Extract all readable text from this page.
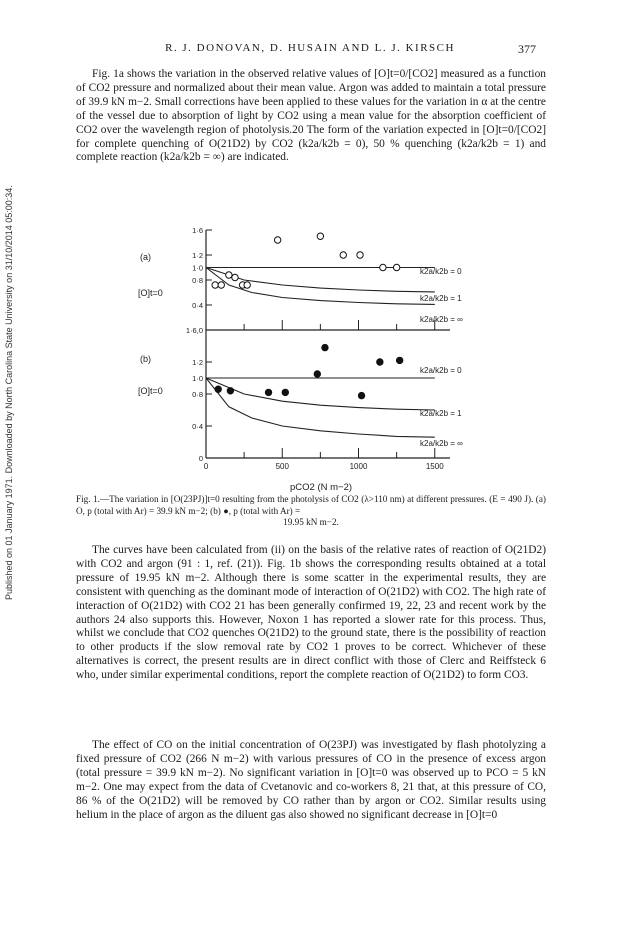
Published on 01 January 1971. Downloaded by North Carolina State University on 31/10/2014 05:00:34.
R. J. DONOVAN, D. HUSAIN AND L. J. KIRSCH	377

Fig. 1a shows the variation in the observed relative values of [O]t=0/[CO2] measured as a function of CO2 pressure and normalized about their mean value. Argon was added to maintain a total pressure of 39.9 kN m−2. Small corrections have been applied to these values for the variation in α at the centre of the vessel due to absorption of light by CO2 using a mean value for the absorption coefficient of CO2 over the wavelength region of photolysis.20 The form of the variation expected in [O]t=0/[CO2] for complete quenching of O(21D2) by CO2 (k2a/k2b = 0), 50 % quenching (k2a/k2b = 1) and complete reaction (k2a/k2b = ∞) are indicated.

(a)
[O]t=0
0·4
0·8
1·0
1·2
1·6
k2a/k2b = 0
k2a/k2b = 1
k2a/k2b = ∞
(b)
[O]t=0
0
0·4
0·8
1·0
1·2
1·6,0
0	500	1000	1500
k2a/k2b = 0
k2a/k2b = 1
k2a/k2b = ∞
pCO2 (N m−2)
Fig. 1.—The variation in [O(23PJ)]t=0 resulting from the photolysis of CO2 (λ>110 nm) at different pressures. (E = 490 J). (a) O, p (total with Ar) = 39.9 kN m−2; (b) ●, p (total with Ar) =
19.95 kN m−2.

The curves have been calculated from (ii) on the basis of the relative rates of reaction of O(21D2) with CO2 and argon (91 : 1, ref. (21)). Fig. 1b shows the corresponding results obtained at a total pressure of 19.95 kN m−2. Although there is some scatter in the experimental results, they are consistent with quenching as the dominant mode of interaction of O(21D2) with CO2. The high rate of interaction of O(21D2) with CO2 21 has been generally confirmed 19, 22, 23 and recent work by the authors 24 also supports this. However, Noxon 1 has reported a slower rate for this process. Thus, whilst we conclude that CO2 quenches O(21D2) to the ground state, there is the possibility of reaction to other products if the slow removal rate by CO2 1 proves to be correct. Whichever of these alternatives is correct, the present results are in direct conflict with those of Clerc and Reiffsteck 6 who, under similar experimental conditions, report the complete reaction of O(21D2) to form CO3.

The effect of CO on the initial concentration of O(23PJ) was investigated by flash photolyzing a fixed pressure of CO2 (266 N m−2) with various pressures of CO in the presence of excess argon (total pressure = 39.9 kN m−2). No significant variation in [O]t=0 was observed up to PCO = 5 kN m−2. One may expect from the data of Cvetanovic and co-workers 8, 21 that, at this pressure of CO, 86 % of the O(21D2) will be removed by CO rather than by argon or CO2. Similar results using helium in the place of argon as the diluent gas also showed no significant decrease in [O]t=0
